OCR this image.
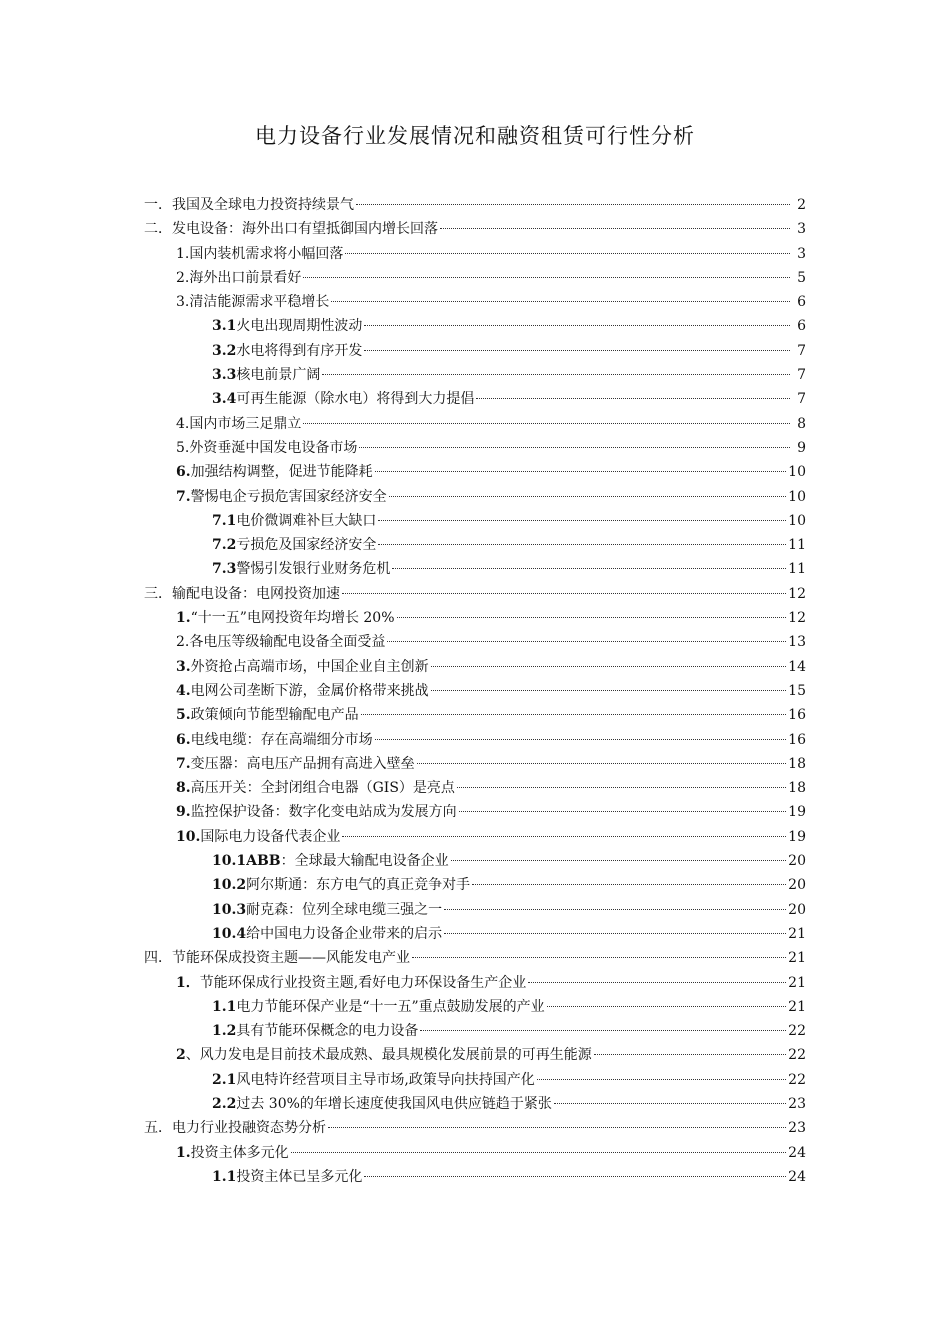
电力设备行业发展情况和融资租赁可行性分析
一． 我国及全球电力投资持续景气	2
二． 发电设备：海外出口有望抵御国内增长回落	3
1. 国内装机需求将小幅回落	3
2. 海外出口前景看好	5
3. 清洁能源需求平稳增长	6
3.1 火电出现周期性波动	6
3.2 水电将得到有序开发	7
3.3 核电前景广阔	7
3.4 可再生能源（除水电）将得到大力提倡	7
4. 国内市场三足鼎立	8
5. 外资垂涎中国发电设备市场	9
6. 加强结构调整，促进节能降耗	10
7. 警惕电企亏损危害国家经济安全	10
7.1 电价微调难补巨大缺口	10
7.2 亏损危及国家经济安全	11
7.3 警惕引发银行业财务危机	11
三． 输配电设备：电网投资加速	12
1. “十一五”电网投资年均增长 20%	12
2. 各电压等级输配电设备全面受益	13
3. 外资抢占高端市场，中国企业自主创新	14
4. 电网公司垄断下游，金属价格带来挑战	15
5. 政策倾向节能型输配电产品	16
6. 电线电缆：存在高端细分市场	16
7. 变压器：高电压产品拥有高进入壁垒	18
8. 高压开关：全封闭组合电器（GIS）是亮点	18
9. 监控保护设备：数字化变电站成为发展方向	19
10. 国际电力设备代表企业	19
10.1ABB ：全球最大输配电设备企业	20
10.2 阿尔斯通：东方电气的真正竞争对手	20
10.3 耐克森：位列全球电缆三强之一	20
10.4 给中国电力设备企业带来的启示	21
四． 节能环保成投资主题——风能发电产业	21
1． 节能环保成行业投资主题,看好电力环保设备生产企业	21
1.1 电力节能环保产业是“十一五”重点鼓励发展的产业	21
1.2 具有节能环保概念的电力设备	22
2 、风力发电是目前技术最成熟、最具规模化发展前景的可再生能源	22
2.1 风电特许经营项目主导市场,政策导向扶持国产化	22
2.2 过去 30%的年增长速度使我国风电供应链趋于紧张	23
五． 电力行业投融资态势分析	23
1. 投资主体多元化	24
1.1 投资主体已呈多元化	24
